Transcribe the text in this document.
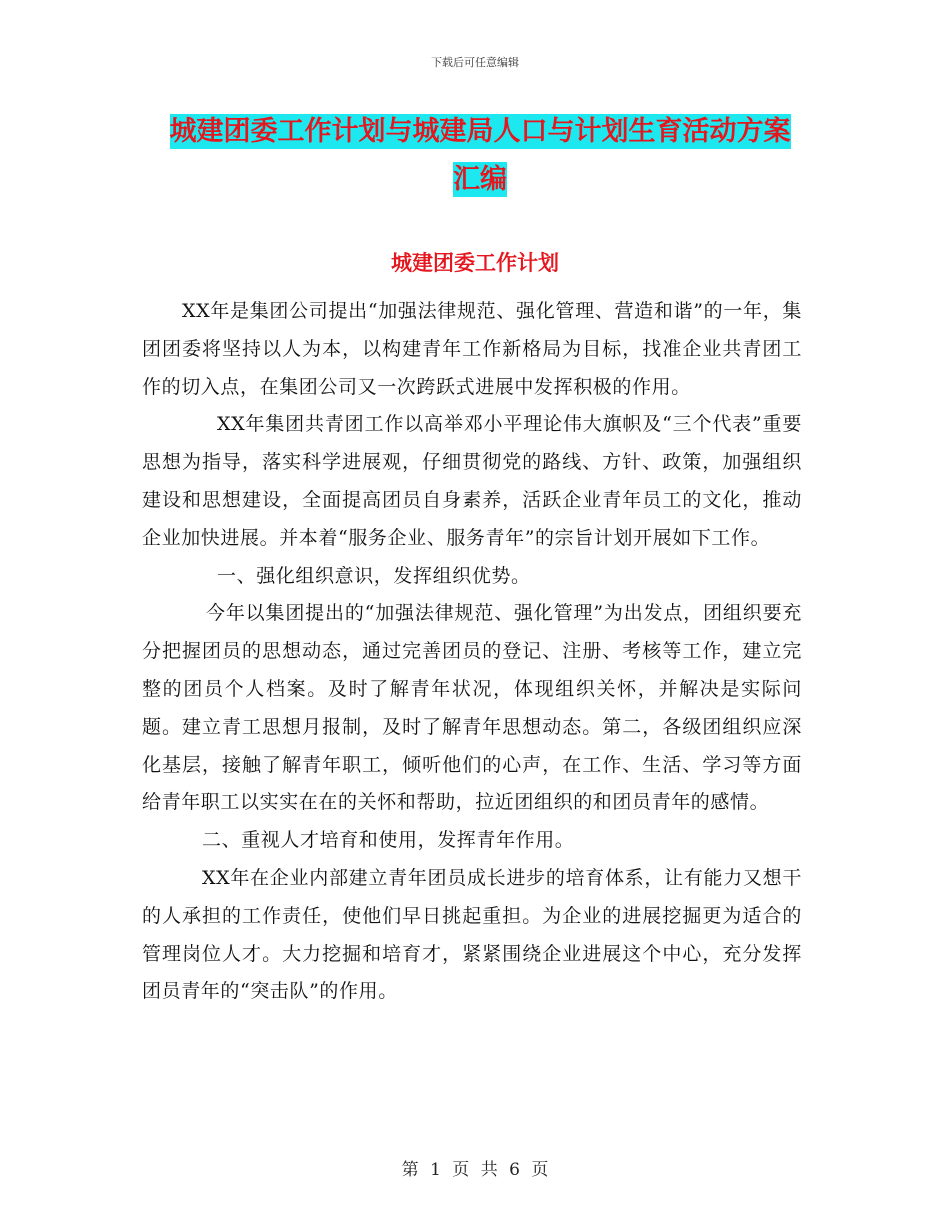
下载后可任意编辑
城建团委工作计划与城建局人口与计划生育活动方案
汇编
城建团委工作计划

XX年是集团公司提出“加强法律规范、强化管理、营造和谐”的一年，集团团委将坚持以人为本，以构建青年工作新格局为目标，找准企业共青团工作的切入点，在集团公司又一次跨跃式进展中发挥积极的作用。

XX年集团共青团工作以高举邓小平理论伟大旗帜及“三个代表”重要思想为指导，落实科学进展观，仔细贯彻党的路线、方针、政策，加强组织建设和思想建设，全面提高团员自身素养，活跃企业青年员工的文化，推动企业加快进展。并本着“服务企业、服务青年”的宗旨计划开展如下工作。

一、强化组织意识，发挥组织优势。

今年以集团提出的“加强法律规范、强化管理”为出发点，团组织要充分把握团员的思想动态，通过完善团员的登记、注册、考核等工作，建立完整的团员个人档案。及时了解青年状况，体现组织关怀，并解决是实际问题。建立青工思想月报制，及时了解青年思想动态。第二，各级团组织应深化基层，接触了解青年职工，倾听他们的心声，在工作、生活、学习等方面给青年职工以实实在在的关怀和帮助，拉近团组织的和团员青年的感情。

二、重视人才培育和使用，发挥青年作用。

XX年在企业内部建立青年团员成长进步的培育体系，让有能力又想干的人承担的工作责任，使他们早日挑起重担。为企业的进展挖掘更为适合的管理岗位人才。大力挖掘和培育才，紧紧围绕企业进展这个中心，充分发挥团员青年的“突击队”的作用。

第 1 页 共 6 页
